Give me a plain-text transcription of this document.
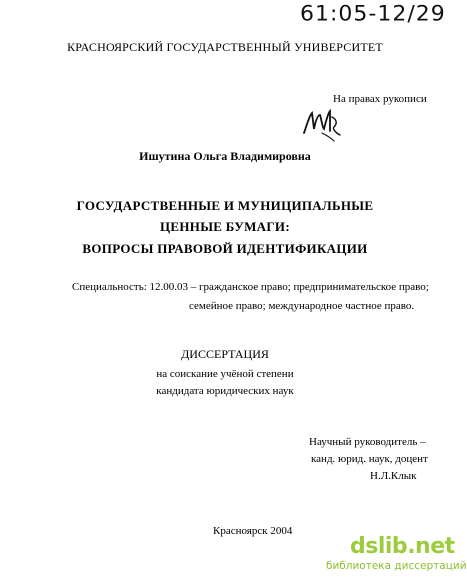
61:05-12/29
КРАСНОЯРСКИЙ ГОСУДАРСТВЕННЫЙ УНИВЕРСИТЕТ
На правах рукописи
Ишутина Ольга Владимировна
ГОСУДАРСТВЕННЫЕ И МУНИЦИПАЛЬНЫЕ
ЦЕННЫЕ БУМАГИ:
ВОПРОСЫ ПРАВОВОЙ ИДЕНТИФИКАЦИИ
Специальность: 12.00.03 – гражданское право; предпринимательское право;
семейное право; международное частное право.
ДИССЕРТАЦИЯ
на соискание учёной степени
кандидата юридических наук
Научный руководитель –
канд. юрид. наук, доцент
Н.Л.Клык
Красноярск 2004
dslib.net
библиотека диссертаций
